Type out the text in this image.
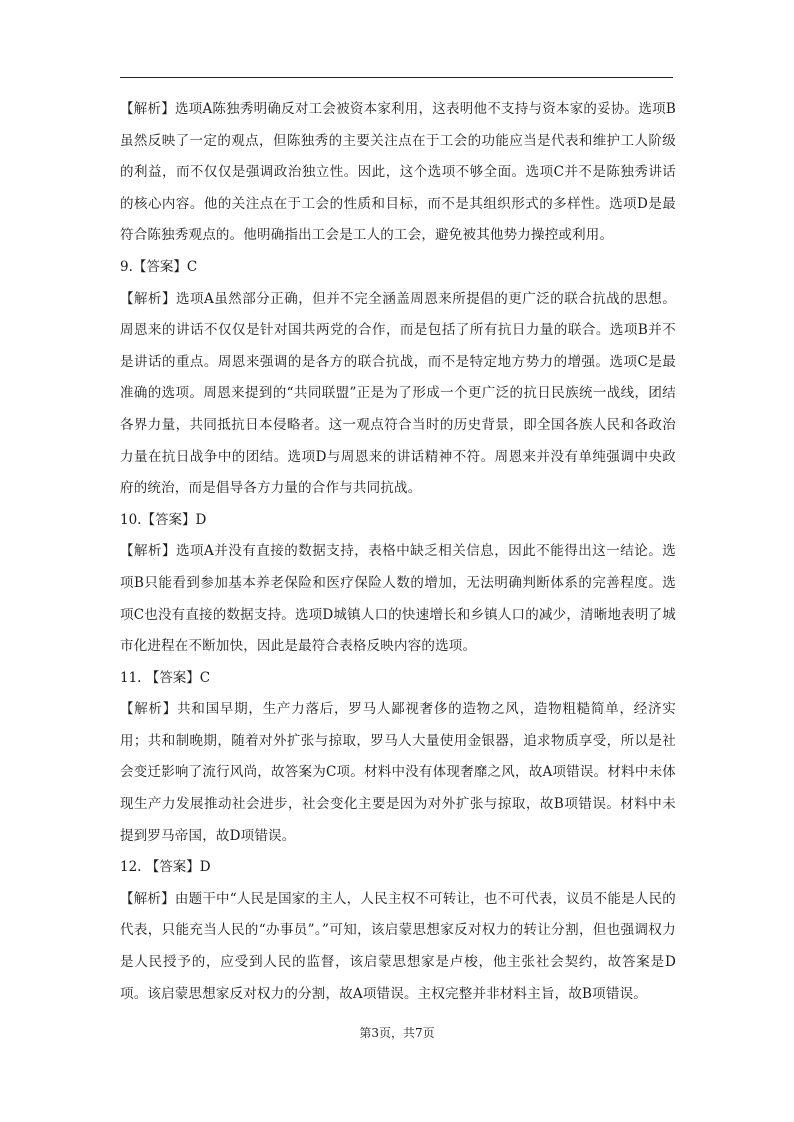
【解析】选项A陈独秀明确反对工会被资本家利用，这表明他不支持与资本家的妥协。选项B虽然反映了一定的观点，但陈独秀的主要关注点在于工会的功能应当是代表和维护工人阶级的利益，而不仅仅是强调政治独立性。因此，这个选项不够全面。选项C并不是陈独秀讲话的核心内容。他的关注点在于工会的性质和目标，而不是其组织形式的多样性。选项D是最符合陈独秀观点的。他明确指出工会是工人的工会，避免被其他势力操控或利用。

9.【答案】C

【解析】选项A虽然部分正确，但并不完全涵盖周恩来所提倡的更广泛的联合抗战的思想。周恩来的讲话不仅仅是针对国共两党的合作，而是包括了所有抗日力量的联合。选项B并不是讲话的重点。周恩来强调的是各方的联合抗战，而不是特定地方势力的增强。选项C是最准确的选项。周恩来提到的“共同联盟”正是为了形成一个更广泛的抗日民族统一战线，团结各界力量，共同抵抗日本侵略者。这一观点符合当时的历史背景，即全国各族人民和各政治力量在抗日战争中的团结。选项D与周恩来的讲话精神不符。周恩来并没有单纯强调中央政府的统治，而是倡导各方力量的合作与共同抗战。

10.【答案】D

【解析】选项A并没有直接的数据支持，表格中缺乏相关信息，因此不能得出这一结论。选项B只能看到参加基本养老保险和医疗保险人数的增加，无法明确判断体系的完善程度。选项C也没有直接的数据支持。选项D城镇人口的快速增长和乡镇人口的减少，清晰地表明了城市化进程在不断加快，因此是最符合表格反映内容的选项。

11. 【答案】C

【解析】共和国早期，生产力落后，罗马人鄙视奢侈的造物之风，造物粗糙简单，经济实用；共和制晚期，随着对外扩张与掠取，罗马人大量使用金银器，追求物质享受，所以是社会变迁影响了流行风尚，故答案为C项。材料中没有体现奢靡之风，故A项错误。材料中未体现生产力发展推动社会进步，社会变化主要是因为对外扩张与掠取，故B项错误。材料中未提到罗马帝国，故D项错误。

12. 【答案】D

【解析】由题干中“人民是国家的主人，人民主权不可转让，也不可代表，议员不能是人民的代表，只能充当人民的“办事员”。”可知，该启蒙思想家反对权力的转让分割，但也强调权力是人民授予的，应受到人民的监督，该启蒙思想家是卢梭，他主张社会契约，故答案是D项。该启蒙思想家反对权力的分割，故A项错误。主权完整并非材料主旨，故B项错误。

第3页，共7页
